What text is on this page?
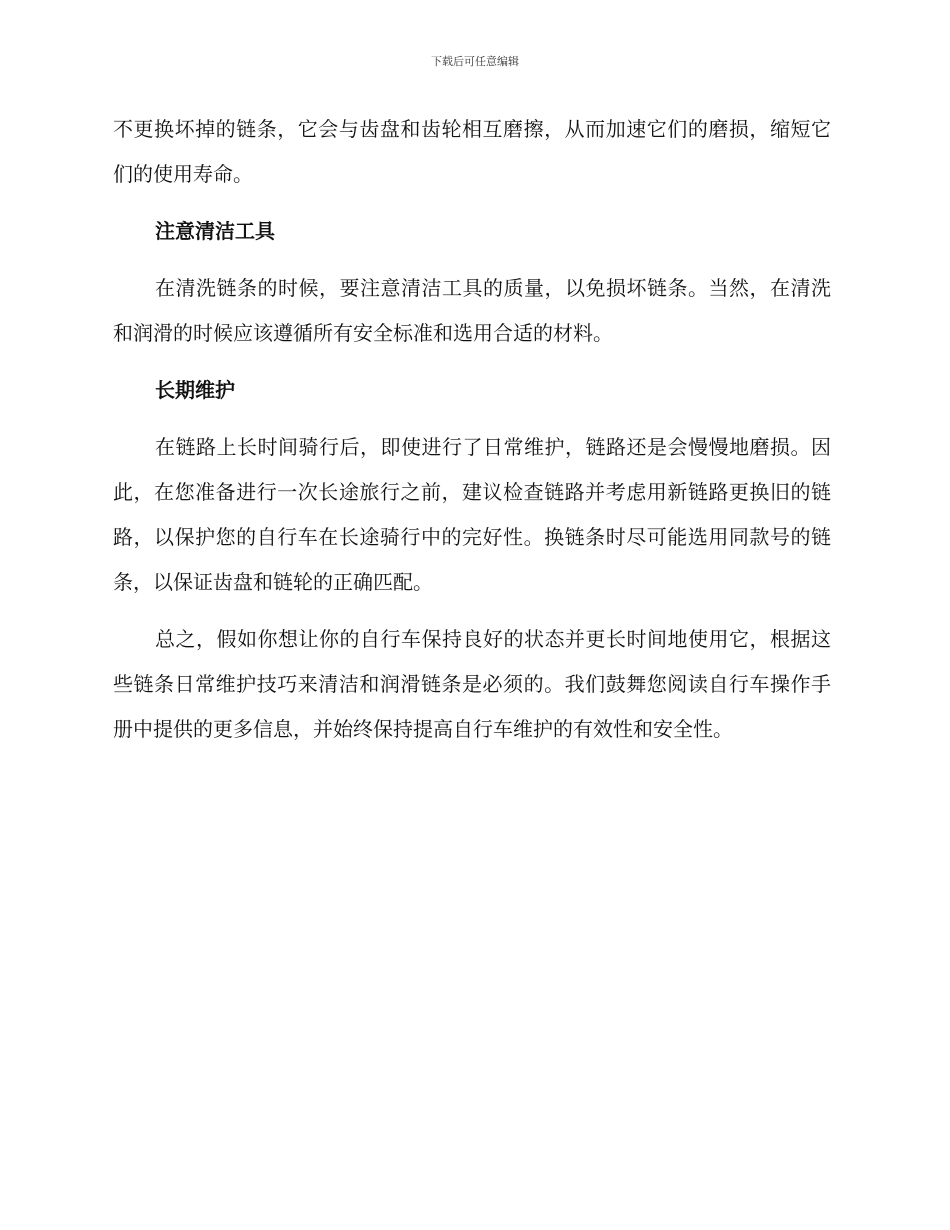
下载后可任意编辑

不更换坏掉的链条，它会与齿盘和齿轮相互磨擦，从而加速它们的磨损，缩短它们的使用寿命。

注意清洁工具

在清洗链条的时候，要注意清洁工具的质量，以免损坏链条。当然，在清洗和润滑的时候应该遵循所有安全标准和选用合适的材料。

长期维护

在链路上长时间骑行后，即使进行了日常维护，链路还是会慢慢地磨损。因此，在您准备进行一次长途旅行之前，建议检查链路并考虑用新链路更换旧的链路，以保护您的自行车在长途骑行中的完好性。换链条时尽可能选用同款号的链条，以保证齿盘和链轮的正确匹配。

总之，假如你想让你的自行车保持良好的状态并更长时间地使用它，根据这些链条日常维护技巧来清洁和润滑链条是必须的。我们鼓舞您阅读自行车操作手册中提供的更多信息，并始终保持提高自行车维护的有效性和安全性。
